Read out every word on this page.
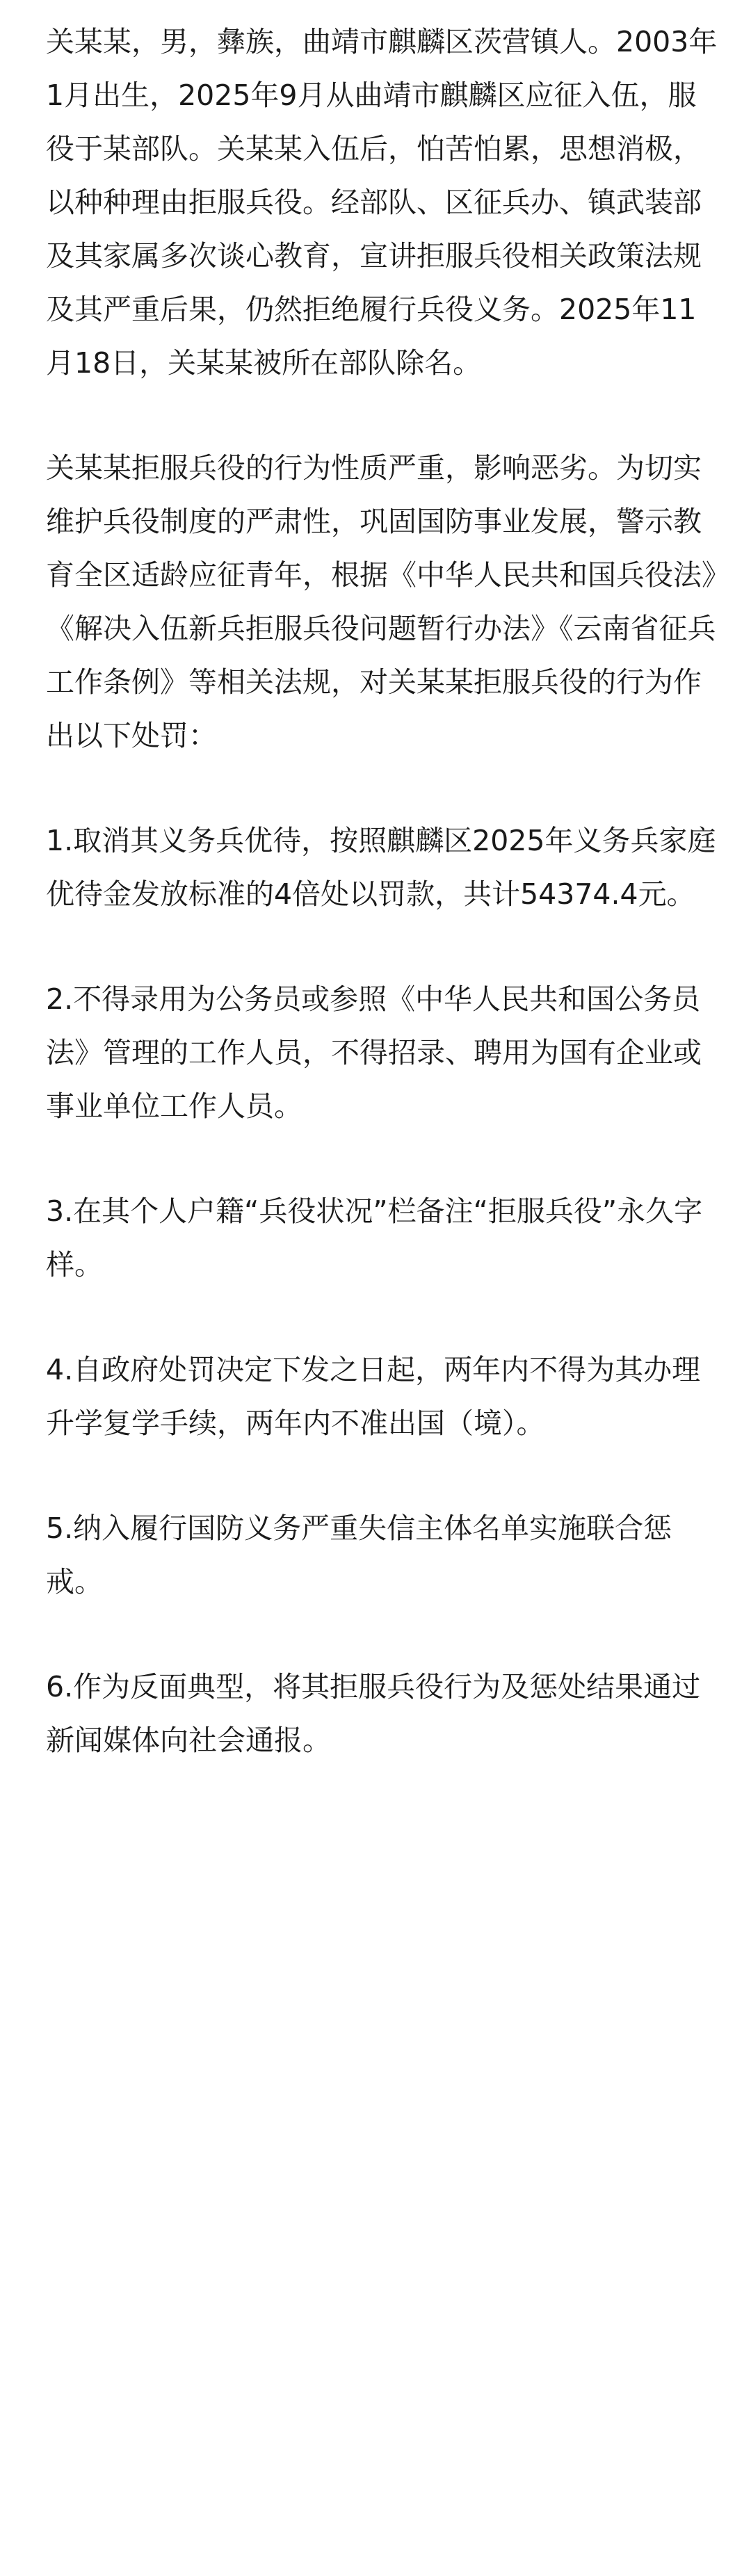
关某某，男，彝族，曲靖市麒麟区茨营镇人。2003年1月出生，2025年9月从曲靖市麒麟区应征入伍，服役于某部队。关某某入伍后，怕苦怕累，思想消极，以种种理由拒服兵役。经部队、区征兵办、镇武装部及其家属多次谈心教育，宣讲拒服兵役相关政策法规及其严重后果，仍然拒绝履行兵役义务。2025年11月18日，关某某被所在部队除名。

关某某拒服兵役的行为性质严重，影响恶劣。为切实维护兵役制度的严肃性，巩固国防事业发展，警示教育全区适龄应征青年，根据《中华人民共和国兵役法》《解决入伍新兵拒服兵役问题暂行办法》《云南省征兵工作条例》等相关法规，对关某某拒服兵役的行为作出以下处罚：

1.取消其义务兵优待，按照麒麟区2025年义务兵家庭优待金发放标准的4倍处以罚款，共计54374.4元。

2.不得录用为公务员或参照《中华人民共和国公务员法》管理的工作人员，不得招录、聘用为国有企业或事业单位工作人员。

3.在其个人户籍“兵役状况”栏备注“拒服兵役”永久字样。

4.自政府处罚决定下发之日起，两年内不得为其办理升学复学手续，两年内不准出国（境）。

5.纳入履行国防义务严重失信主体名单实施联合惩戒。

6.作为反面典型，将其拒服兵役行为及惩处结果通过新闻媒体向社会通报。
